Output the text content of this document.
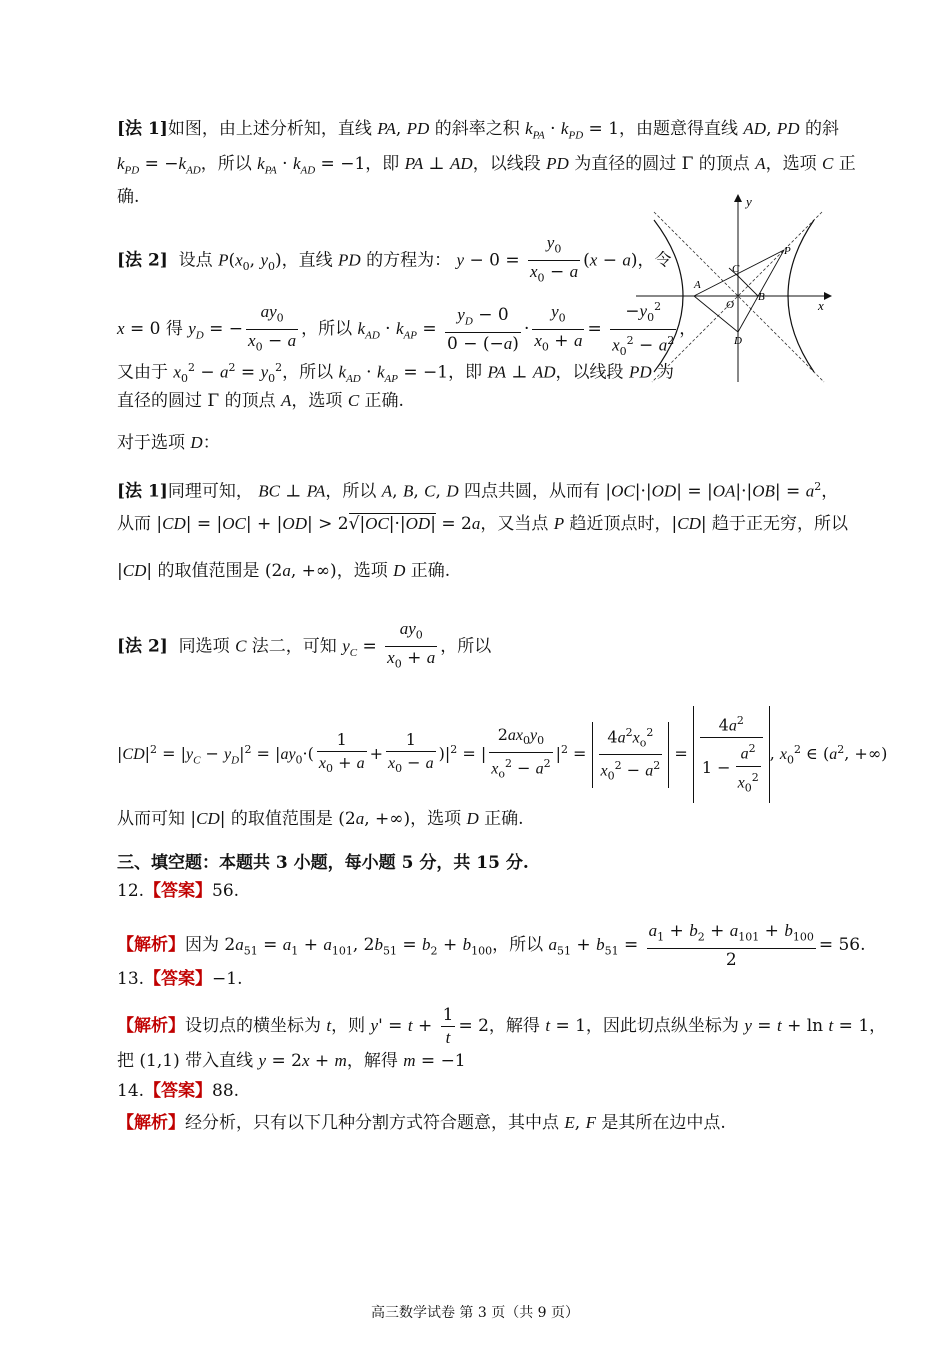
[法 1]如图，由上述分析知，直线 PA, PD 的斜率之积 $k_{PA} \cdot k_{PD} = 1$，由题意得直线 AD, PD 的斜
$k_{PD} = -k_{AD}$，所以 $k_{PA} \cdot k_{AD} = -1$，即 PA ⊥ AD，以线段 PD 为直径的圆过 Γ 的顶点 A，选项 C 正
确.
[法 2]  设点 $P(x_0$, $y_0$)，直线 PD 的方程为： $y - 0 = \frac{y_0}{x_0 - a} (x - a)$，令
x = 0 得 $y_D$ = − $\frac{ay_0}{x_0 - a}$ ，所以 $k_{AD} \cdot k_{AP} = \frac{y_D - 0}{0 - (-a)} \cdot \frac{y_0}{x_0 + a} = \frac{-y_0^2}{x_0^2 - a^2}$ ，
又由于 $x_0^2 - a^2 = y_0^2$，所以 $k_{AD} \cdot k_{AP} = -1$，即 PA ⊥ AD，以线段 PD 为
直径的圆过 Γ 的顶点 A，选项 C 正确.
对于选项 D：
[法 1]同理可知， BC ⊥ PA，所以 A, B, C, D 四点共圆，从而有 $|OC|\cdot|OD| = |OA|\cdot|OB| = a^2$，
从而 |CD| = |OC| + |OD| > 2√|OC|·|OD| = 2a，又当点 P 趋近顶点时，|CD| 趋于正无穷，所以
|CD| 的取值范围是 (2a, +∞)，选项 D 正确.
[法 2]  同选项 C 法二，可知 $y_C = \frac{ay_0}{x_0 + a}$ ，所以
$|CD|^2 = |y_C - y_D|^2 = |ay_0\cdot( \frac{1}{x_0 + a} + \frac{1}{x_0 - a} )|^2$ = | $\frac{2ax_0y_0}{x_o^2 - a^2} |^2 = \frac{4a^2x_o^2}{x_0^2 - a^2} = \frac{4a^2}{1 - \frac{a^2}{x_0^2}}$ , $x_0^2$ ∈ ($a^2$, +∞)
从而可知 |CD| 的取值范围是 (2a, +∞)，选项 D 正确.
三、填空题：本题共 3 小题，每小题 5 分，共 15 分.
12.【答案】56.
【解析】因为 $2a_{51} = a_1 + a_{101}$, $2b_{51} = b_2 + b_{100}$，所以 $a_{51} + b_{51} = \frac{a_1 + b_2 + a_{101} + b_{100}}{2} = 56$.
13.【答案】−1.
【解析】设切点的横坐标为 t，则 $y' = t + \frac{1}{t} = 2$，解得 t = 1，因此切点纵坐标为 y = t + ln t = 1，
把 (1,1) 带入直线 y = 2x + m，解得 m = −1
14.【答案】88.
【解析】经分析，只有以下几种分割方式符合题意，其中点 E, F 是其所在边中点.
y
x
O
A
B
C
D
P
高三数学试卷 第 3 页（共 9 页）
